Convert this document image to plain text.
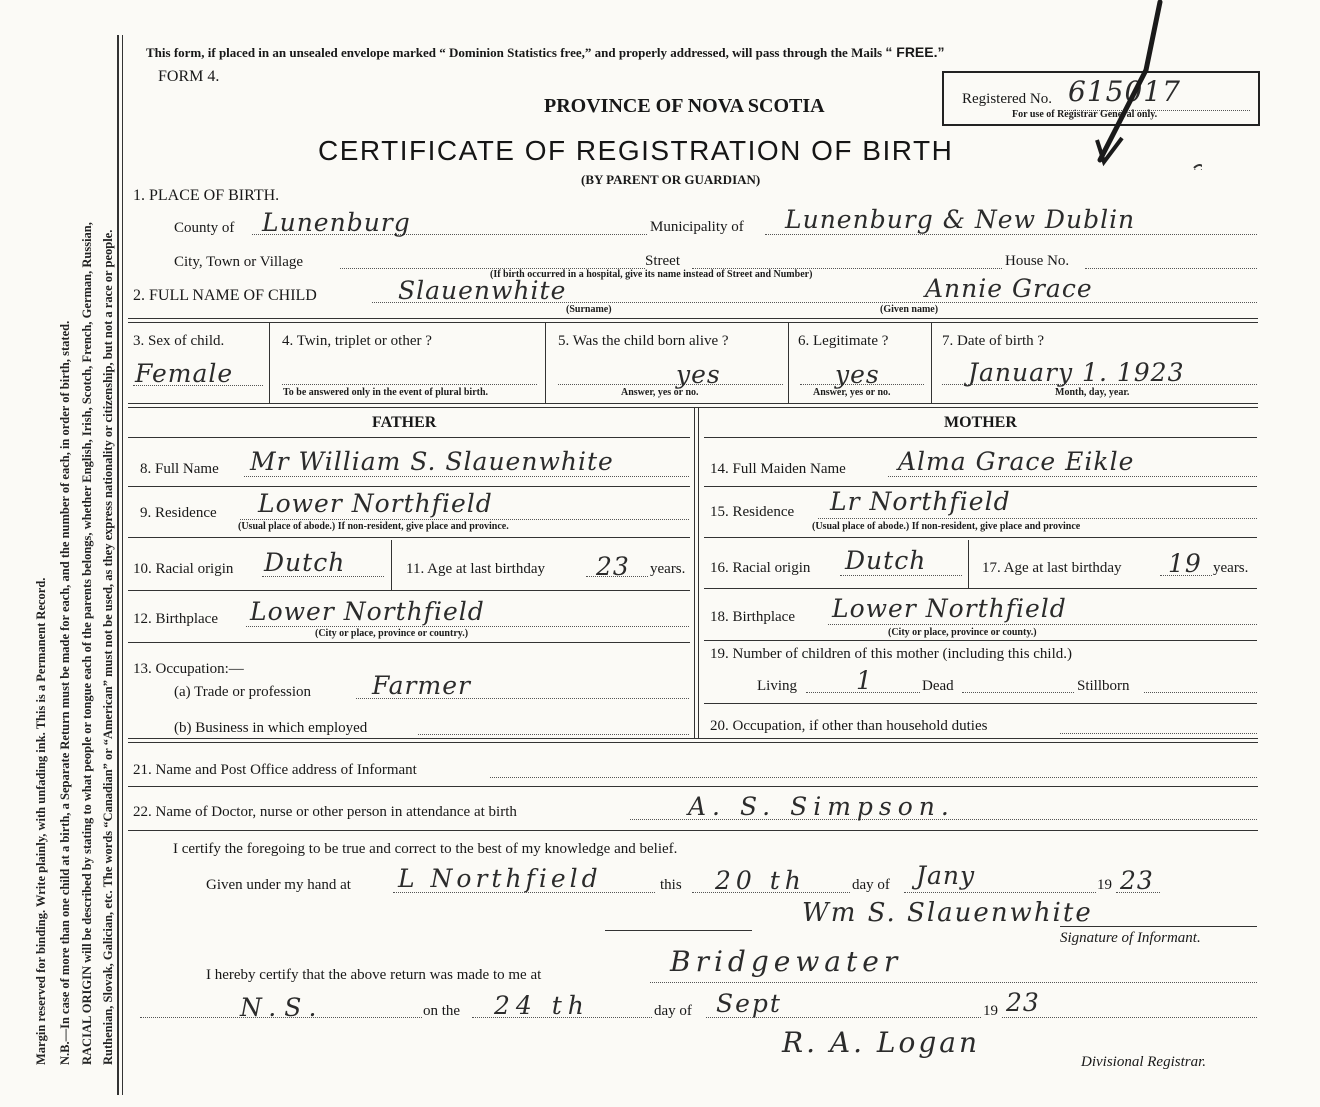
Margin reserved for binding. Write plainly, with unfading ink. This is a Permanent Record. N.B.—In case of more than one child at a birth, a Separate Return must be made for each, and the number of each, in order of birth, stated. RACIAL ORIGIN will be described by stating to what people or tongue each of the parents belongs, whether English, Irish, Scotch, French, German, Russian, Ruthenian, Slovak, Galician, etc. The words “Canadian” or “American” must not be used, as they express nationality or citizenship, but not a race or people.
This form, if placed in an unsealed envelope marked “ Dominion Statistics free,” and properly addressed, will pass through the Mails “ FREE.”
FORM 4.
PROVINCE OF NOVA SCOTIA
CERTIFICATE OF REGISTRATION OF BIRTH
(BY PARENT OR GUARDIAN)
Registered No. 615017
For use of Registrar General only.
1. PLACE OF BIRTH.
County of Lunenburg	Municipality of Lunenburg & New Dublin
City, Town or Village	Street	House No.
(If birth occurred in a hospital, give its name instead of Street and Number)
2. FULL NAME OF CHILD	Slauenwhite
(Surname)
Annie Grace
(Given name)
3. Sex of child.
Female
4. Twin, triplet or other ?
To be answered only in the event of plural birth.
5. Was the child born alive ?
yes
Answer, yes or no.
6. Legitimate ?
yes
Answer, yes or no.
7. Date of birth ?
January 1. 1923
Month, day, year.
FATHER	MOTHER
8. Full Name Mr William S. Slauenwhite
9. Residence Lower Northfield
(Usual place of abode.) If non-resident, give place and province.
10. Racial origin Dutch	11. Age at last birthday 23 years.
12. Birthplace Lower Northfield
(City or place, province or country.)
13. Occupation:—
(a) Trade or profession Farmer
(b) Business in which employed
14. Full Maiden Name Alma Grace Eikle
15. Residence Lr Northfield
(Usual place of abode.) If non-resident, give place and province
16. Racial origin Dutch	17. Age at last birthday 19 years.
18. Birthplace Lower Northfield
(City or place, province or county.)
19. Number of children of this mother (including this child.)
Living 1	Dead	Stillborn
20. Occupation, if other than household duties
21. Name and Post Office address of Informant
22. Name of Doctor, nurse or other person in attendance at birth	A. S. Simpson.
I certify the foregoing to be true and correct to the best of my knowledge and belief.
Given under my hand at L Northfield	this 20 th	day of Jany	19 23
Wm S. Slauenwhite
Signature of Informant.
I hereby certify that the above return was made to me at	Bridgewater
N.S.	on the 24 th	day of Sept	19 23
R. A. Logan
Divisional Registrar.
